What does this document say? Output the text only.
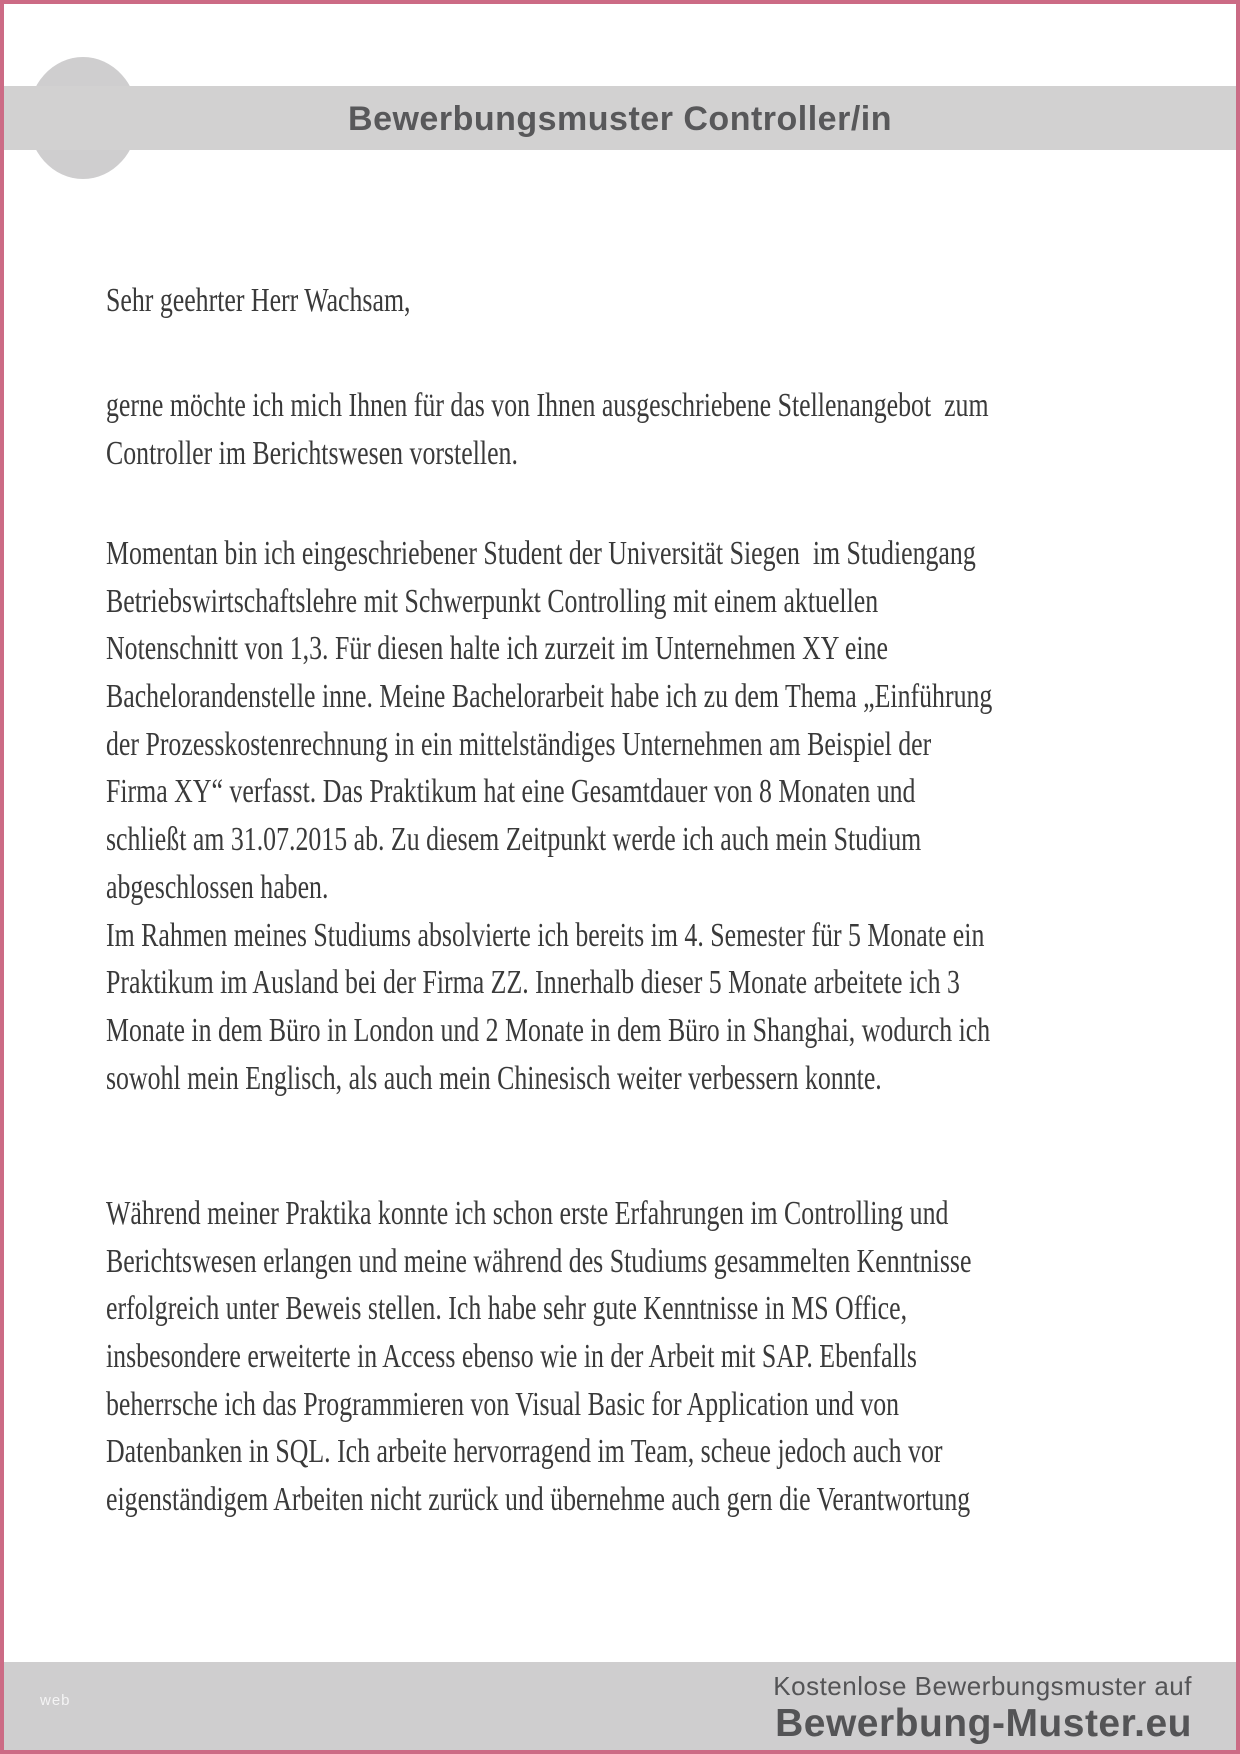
Bewerbungsmuster Controller/in
Sehr geehrter Herr Wachsam,
gerne möchte ich mich Ihnen für das von Ihnen ausgeschriebene Stellenangebot  zum
Controller im Berichtswesen vorstellen.
Momentan bin ich eingeschriebener Student der Universität Siegen  im Studiengang
Betriebswirtschaftslehre mit Schwerpunkt Controlling mit einem aktuellen
Notenschnitt von 1,3. Für diesen halte ich zurzeit im Unternehmen XY eine
Bachelorandenstelle inne. Meine Bachelorarbeit habe ich zu dem Thema „Einführung
der Prozesskostenrechnung in ein mittelständiges Unternehmen am Beispiel der
Firma XY“ verfasst. Das Praktikum hat eine Gesamtdauer von 8 Monaten und
schließt am 31.07.2015 ab. Zu diesem Zeitpunkt werde ich auch mein Studium
abgeschlossen haben.
Im Rahmen meines Studiums absolvierte ich bereits im 4. Semester für 5 Monate ein
Praktikum im Ausland bei der Firma ZZ. Innerhalb dieser 5 Monate arbeitete ich 3
Monate in dem Büro in London und 2 Monate in dem Büro in Shanghai, wodurch ich
sowohl mein Englisch, als auch mein Chinesisch weiter verbessern konnte.
Während meiner Praktika konnte ich schon erste Erfahrungen im Controlling und
Berichtswesen erlangen und meine während des Studiums gesammelten Kenntnisse
erfolgreich unter Beweis stellen. Ich habe sehr gute Kenntnisse in MS Office,
insbesondere erweiterte in Access ebenso wie in der Arbeit mit SAP. Ebenfalls
beherrsche ich das Programmieren von Visual Basic for Application und von
Datenbanken in SQL. Ich arbeite hervorragend im Team, scheue jedoch auch vor
eigenständigem Arbeiten nicht zurück und übernehme auch gern die Verantwortung
web	Kostenlose Bewerbungsmuster auf
Bewerbung-Muster.eu
